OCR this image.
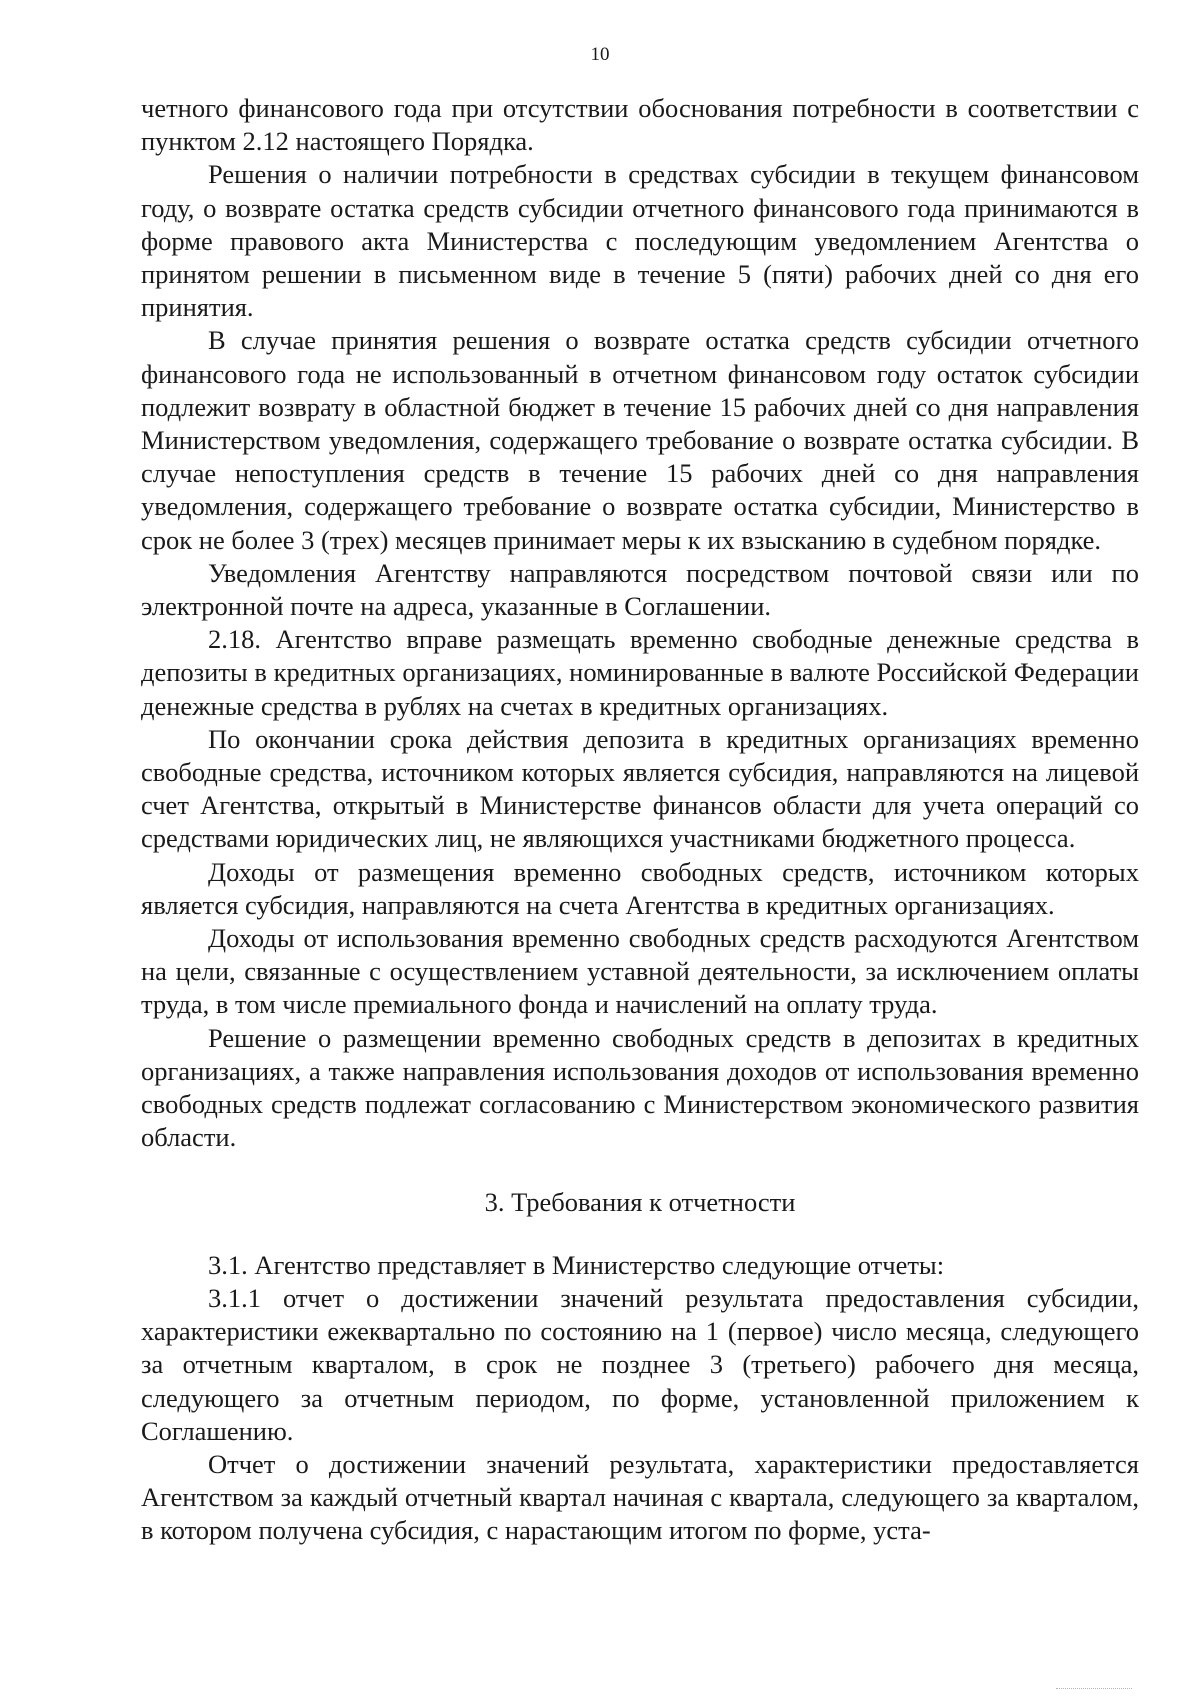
10

четного финансового года при отсутствии обоснования потребности в соответствии с пунктом 2.12 настоящего Порядка.

Решения о наличии потребности в средствах субсидии в текущем финансовом году, о возврате остатка средств субсидии отчетного финансового года принимаются в форме правового акта Министерства с последующим уведомлением Агентства о принятом решении в письменном виде в течение 5 (пяти) рабочих дней со дня его принятия.

В случае принятия решения о возврате остатка средств субсидии отчетного финансового года не использованный в отчетном финансовом году остаток субсидии подлежит возврату в областной бюджет в течение 15 рабочих дней со дня направления Министерством уведомления, содержащего требование о возврате остатка субсидии. В случае непоступления средств в течение 15 рабочих дней со дня направления уведомления, содержащего требование о возврате остатка субсидии, Министерство в срок не более 3 (трех) месяцев принимает меры к их взысканию в судебном порядке.

Уведомления Агентству направляются посредством почтовой связи или по электронной почте на адреса, указанные в Соглашении.

2.18. Агентство вправе размещать временно свободные денежные средства в депозиты в кредитных организациях, номинированные в валюте Российской Федерации денежные средства в рублях на счетах в кредитных организациях.

По окончании срока действия депозита в кредитных организациях временно свободные средства, источником которых является субсидия, направляются на лицевой счет Агентства, открытый в Министерстве финансов области для учета операций со средствами юридических лиц, не являющихся участниками бюджетного процесса.

Доходы от размещения временно свободных средств, источником которых является субсидия, направляются на счета Агентства в кредитных организациях.

Доходы от использования временно свободных средств расходуются Агентством на цели, связанные с осуществлением уставной деятельности, за исключением оплаты труда, в том числе премиального фонда и начислений на оплату труда.

Решение о размещении временно свободных средств в депозитах в кредитных организациях, а также направления использования доходов от использования временно свободных средств подлежат согласованию с Министерством экономического развития области.

3. Требования к отчетности

3.1. Агентство представляет в Министерство следующие отчеты:

3.1.1 отчет о достижении значений результата предоставления субсидии, характеристики ежеквартально по состоянию на 1 (первое) число месяца, следующего за отчетным кварталом, в срок не позднее 3 (третьего) рабочего дня месяца, следующего за отчетным периодом, по форме, установленной приложением к Соглашению.

Отчет о достижении значений результата, характеристики предоставляется Агентством за каждый отчетный квартал начиная с квартала, следующего за кварталом, в котором получена субсидия, с нарастающим итогом по форме, уста-
